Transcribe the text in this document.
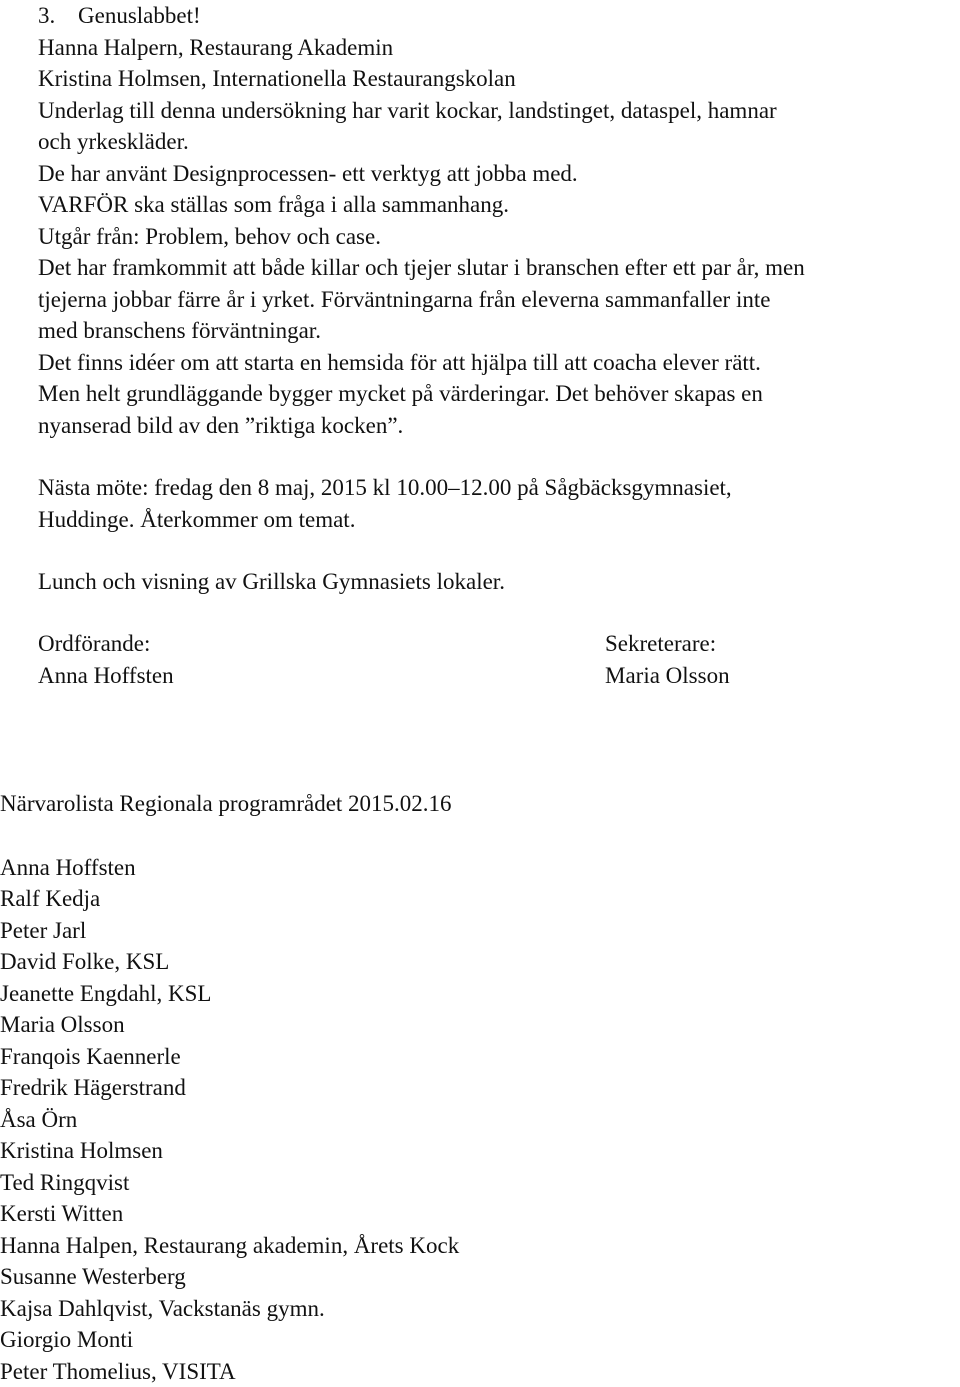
3. Genuslabbet!
Hanna Halpern, Restaurang Akademin
Kristina Holmsen, Internationella Restaurangskolan
Underlag till denna undersökning har varit kockar, landstinget, dataspel, hamnar
och yrkeskläder.
De har använt Designprocessen- ett verktyg att jobba med.
VARFÖR ska ställas som fråga i alla sammanhang.
Utgår från: Problem, behov och case.
Det har framkommit att både killar och tjejer slutar i branschen efter ett par år, men
tjejerna jobbar färre år i yrket. Förväntningarna från eleverna sammanfaller inte
med branschens förväntningar.
Det finns idéer om att starta en hemsida för att hjälpa till att coacha elever rätt.
Men helt grundläggande bygger mycket på värderingar. Det behöver skapas en
nyanserad bild av den ”riktiga kocken”.
Nästa möte: fredag den 8 maj, 2015 kl 10.00–12.00 på Sågbäcksgymnasiet,
Huddinge. Återkommer om temat.
Lunch och visning av Grillska Gymnasiets lokaler.
Ordförande:
Anna Hoffsten
Sekreterare:
Maria Olsson
Närvarolista Regionala programrådet 2015.02.16
Anna Hoffsten
Ralf Kedja
Peter Jarl
David Folke, KSL
Jeanette Engdahl, KSL
Maria Olsson
Franqois Kaennerle
Fredrik Hägerstrand
Åsa Örn
Kristina Holmsen
Ted Ringqvist
Kersti Witten
Hanna Halpen, Restaurang akademin, Årets Kock
Susanne Westerberg
Kajsa Dahlqvist, Vackstanäs gymn.
Giorgio Monti
Peter Thomelius, VISITA
